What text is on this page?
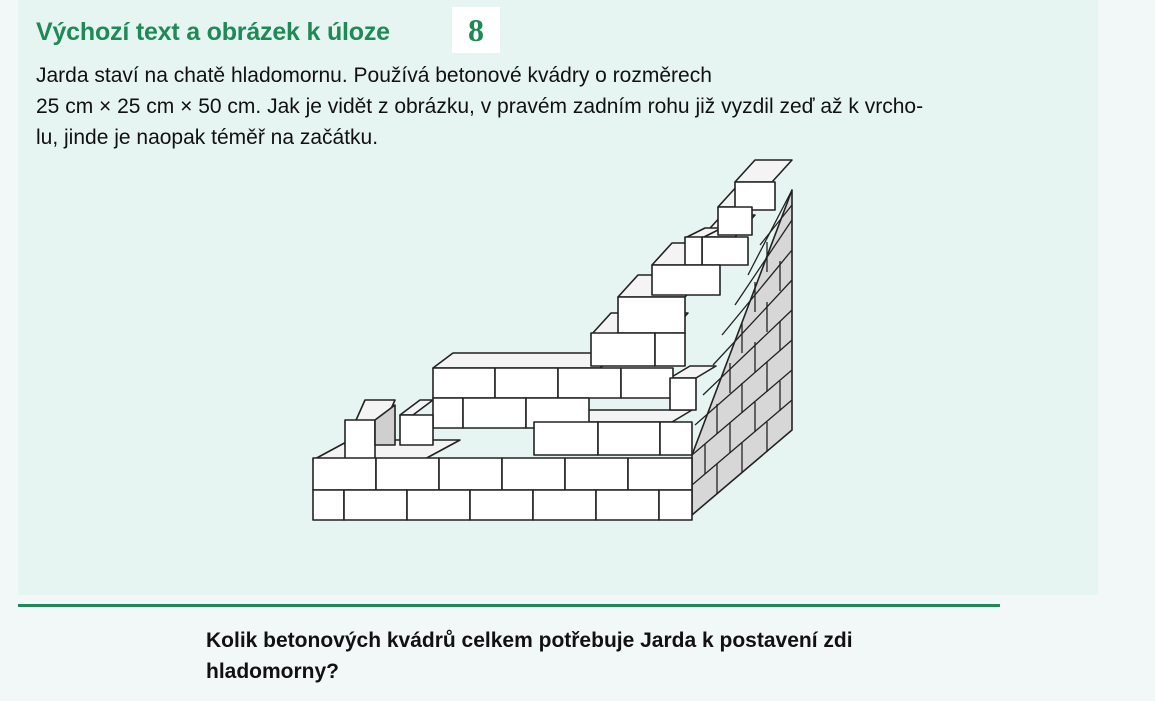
Výchozí text a obrázek k úloze	8
Jarda staví na chatě hladomornu. Používá betonové kvádry o rozměrech
25 cm × 25 cm × 50 cm. Jak je vidět z obrázku, v pravém zadním rohu již vyzdil zeď až k vrcho-
lu, jinde je naopak téměř na začátku.
Kolik betonových kvádrů celkem potřebuje Jarda k postavení zdi
hladomorny?
